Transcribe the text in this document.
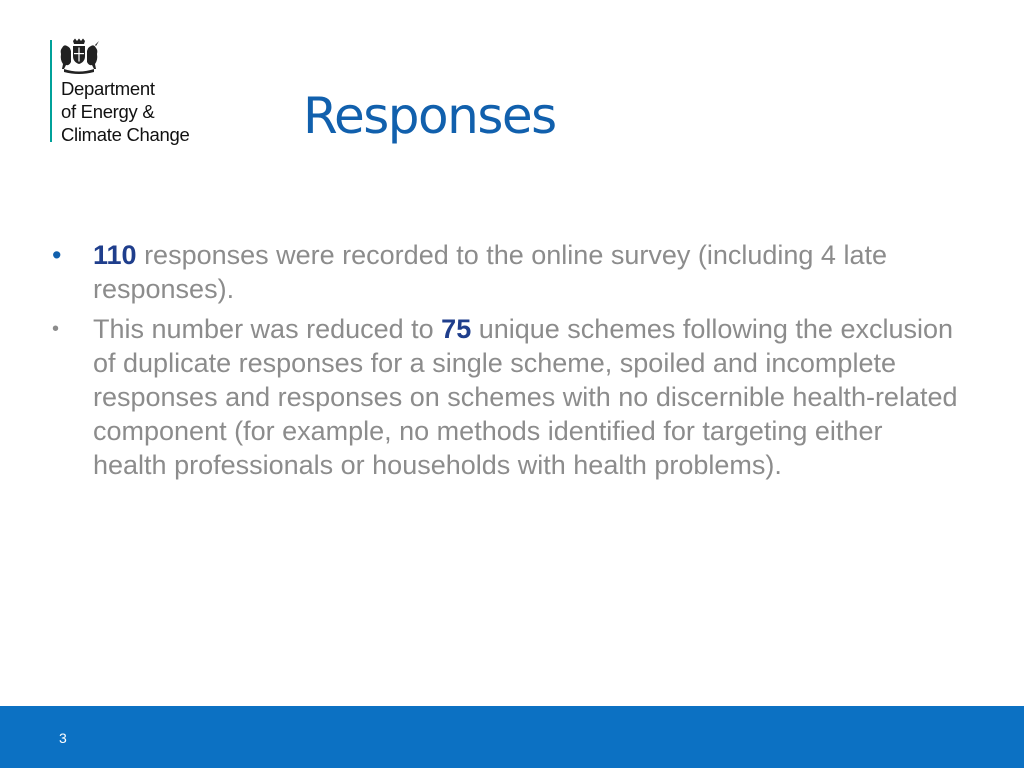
Department
of Energy &
Climate Change Responses
•	110 responses were recorded to the online survey (including 4 late responses).
•	This number was reduced to 75 unique schemes following the exclusion of duplicate responses for a single scheme, spoiled and incomplete responses and responses on schemes with no discernible health-related component (for example, no methods identified for targeting either health professionals or households with health problems).
3
